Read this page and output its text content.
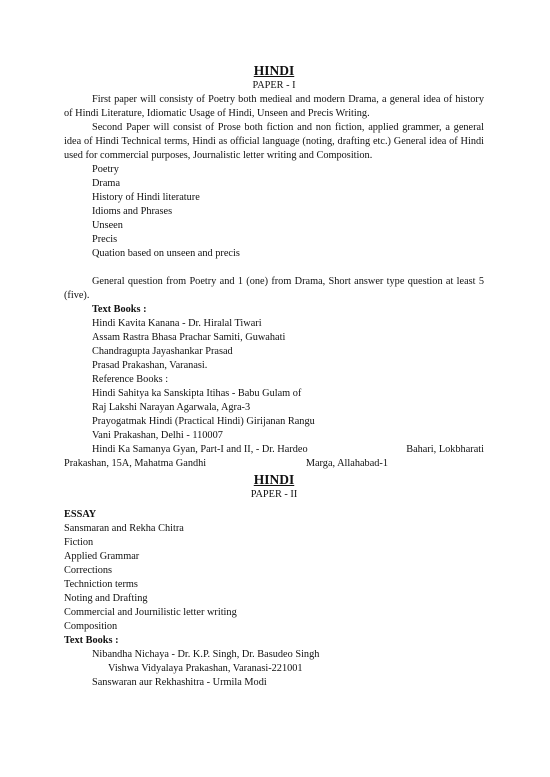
HINDI

PAPER - I

First paper will consisty of Poetry both medieal and modern Drama, a general idea of history of Hindi Literature, Idiomatic Usage of Hindi, Unseen and Precis Writing.

Second Paper will consist of Prose both fiction and non fiction, applied grammer, a general idea of Hindi Technical terms, Hindi as official language (noting, drafting etc.) General idea of Hindi used for commercial purposes, Journalistic letter writing and Composition.

Poetry

Drama

History of Hindi literature

Idioms and Phrases

Unseen

Precis

Quation based on unseen and precis

General question from Poetry and 1 (one) from Drama, Short answer type question at least 5 (five).

Text Books :

Hindi Kavita Kanana - Dr. Hiralal Tiwari

Assam Rastra Bhasa Prachar Samiti, Guwahati

Chandragupta Jayashankar Prasad

Prasad Prakashan, Varanasi.

Reference Books :

Hindi Sahitya ka Sanskipta Itihas - Babu Gulam of

Raj Lakshi Narayan Agarwala, Agra-3

Prayogatmak Hindi (Practical Hindi) Girijanan Rangu

Vani Prakashan, Delhi - 110007

Hindi Ka Samanya Gyan, Part-I and II, - Dr. Hardeo	Bahari, Lokbharati
Prakashan, 15A, Mahatma Gandhi	Marga, Allahabad-1

HINDI

PAPER - II

ESSAY

Sansmaran and Rekha Chitra

Fiction

Applied Grammar

Corrections

Techniction terms

Noting and Drafting

Commercial and Journilistic letter writing

Composition

Text Books :

Nibandha Nichaya - Dr. K.P. Singh, Dr. Basudeo Singh

Vishwa Vidyalaya Prakashan, Varanasi-221001

Sanswaran aur Rekhashitra - Urmila Modi
